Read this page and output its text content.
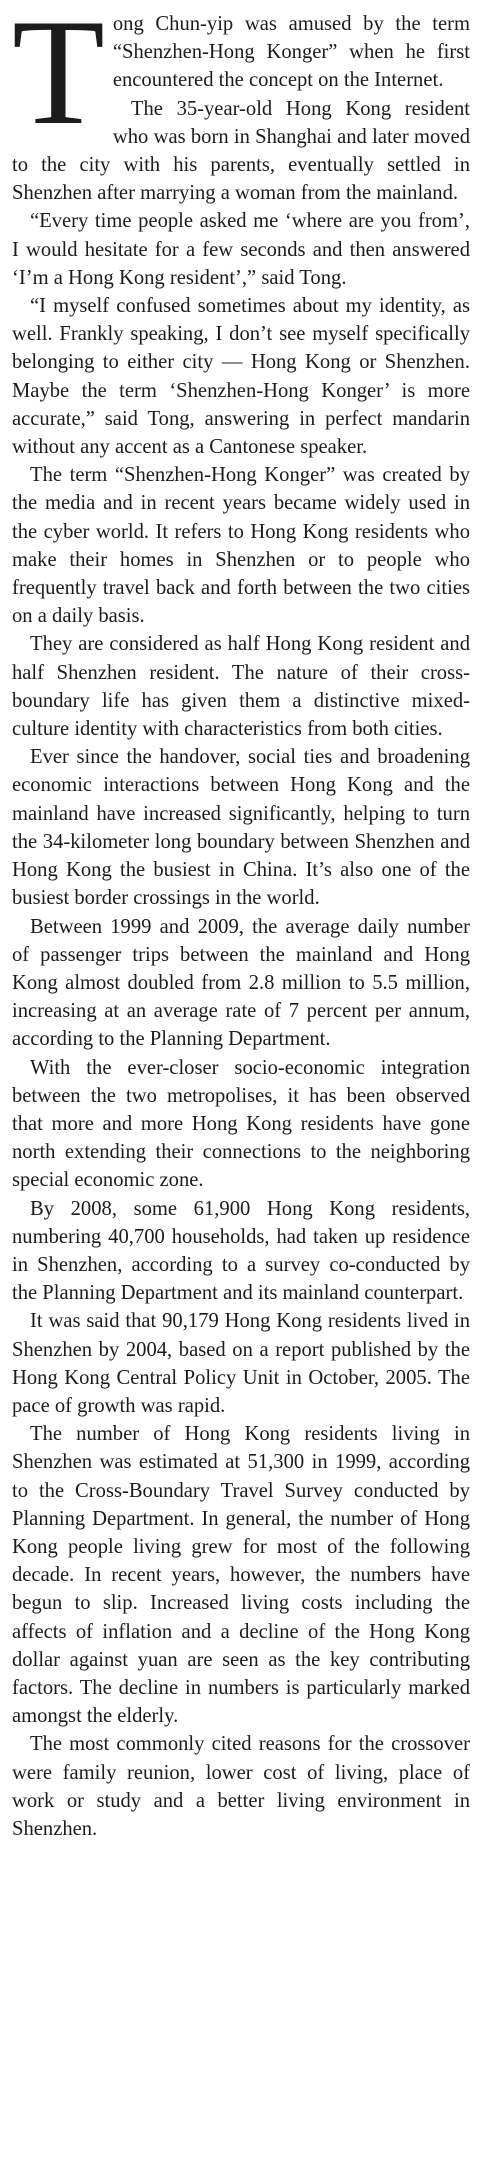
Tong Chun-yip was amused by the term “Shenzhen-Hong Konger” when he first encountered the concept on the Internet.

The 35-year-old Hong Kong resident who was born in Shanghai and later moved to the city with his parents, eventually settled in Shenzhen after marrying a woman from the mainland.

“Every time people asked me ‘where are you from’, I would hesitate for a few seconds and then answered ‘I’m a Hong Kong resident’,” said Tong.

“I myself confused sometimes about my identity, as well. Frankly speaking, I don’t see myself specifically belonging to either city — Hong Kong or Shenzhen. Maybe the term ‘Shenzhen-Hong Konger’ is more accurate,” said Tong, answering in perfect mandarin without any accent as a Cantonese speaker.

The term “Shenzhen-Hong Konger” was created by the media and in recent years became widely used in the cyber world. It refers to Hong Kong residents who make their homes in Shenzhen or to people who frequently travel back and forth between the two cities on a daily basis.

They are considered as half Hong Kong resident and half Shenzhen resident. The nature of their cross-boundary life has given them a distinctive mixed-culture identity with characteristics from both cities.

Ever since the handover, social ties and broadening economic interactions between Hong Kong and the mainland have increased significantly, helping to turn the 34-kilometer long boundary between Shenzhen and Hong Kong the busiest in China. It’s also one of the busiest border crossings in the world.

Between 1999 and 2009, the average daily number of passenger trips between the mainland and Hong Kong almost doubled from 2.8 million to 5.5 million, increasing at an average rate of 7 percent per annum, according to the Planning Department.

With the ever-closer socio-economic integration between the two metropolises, it has been observed that more and more Hong Kong residents have gone north extending their connections to the neighboring special economic zone.

By 2008, some 61,900 Hong Kong residents, numbering 40,700 households, had taken up residence in Shenzhen, according to a survey co-conducted by the Planning Department and its mainland counterpart.

It was said that 90,179 Hong Kong residents lived in Shenzhen by 2004, based on a report published by the Hong Kong Central Policy Unit in October, 2005. The pace of growth was rapid.

The number of Hong Kong residents living in Shenzhen was estimated at 51,300 in 1999, according to the Cross-Boundary Travel Survey conducted by Planning Department. In general, the number of Hong Kong people living grew for most of the following decade. In recent years, however, the numbers have begun to slip. Increased living costs including the affects of inflation and a decline of the Hong Kong dollar against yuan are seen as the key contributing factors. The decline in numbers is particularly marked amongst the elderly.

The most commonly cited reasons for the crossover were family reunion, lower cost of living, place of work or study and a better living environment in Shenzhen.
